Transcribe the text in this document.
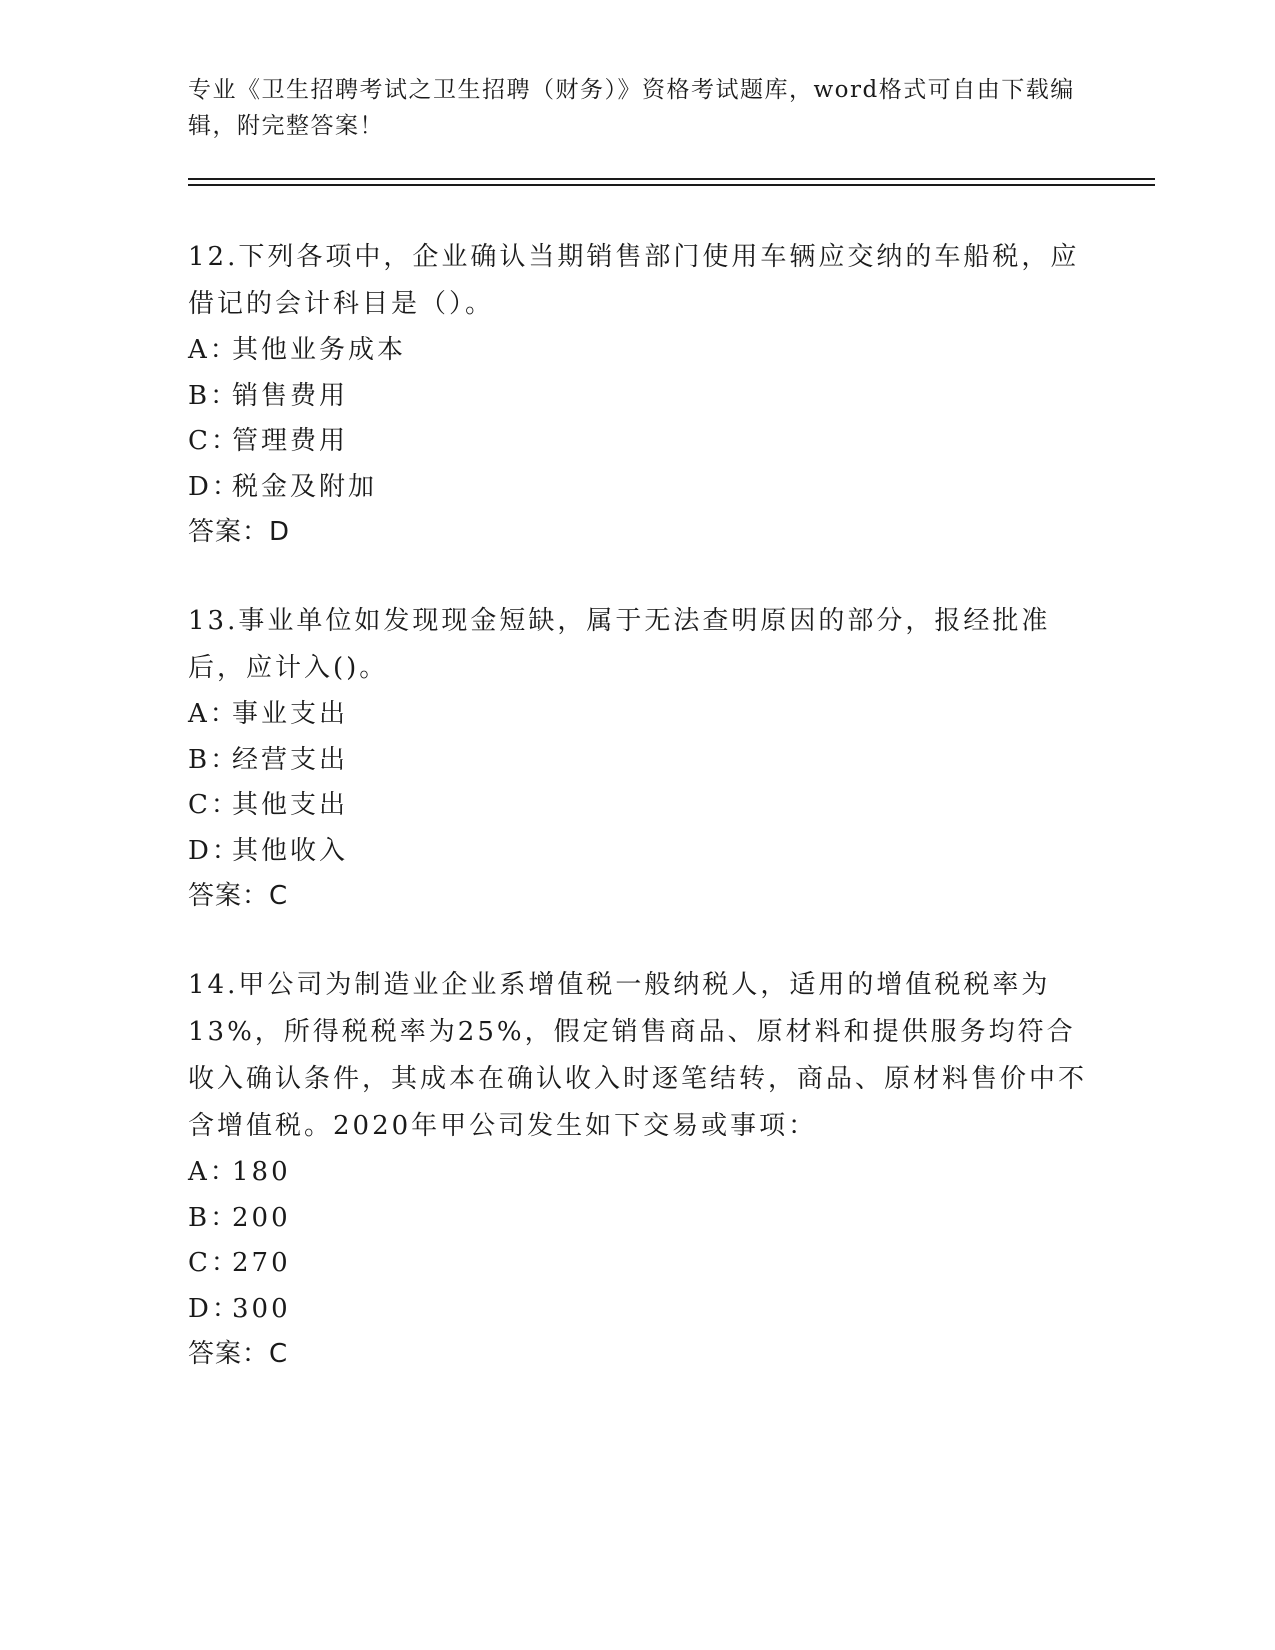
专业《卫生招聘考试之卫生招聘（财务）》资格考试题库，word格式可自由下载编辑，附完整答案！

12.下列各项中，企业确认当期销售部门使用车辆应交纳的车船税，应借记的会计科目是（）。

A：其他业务成本
B：销售费用
C：管理费用
D：税金及附加
答案：D

13.事业单位如发现现金短缺，属于无法查明原因的部分，报经批准后，应计入()。

A：事业支出
B：经营支出
C：其他支出
D：其他收入
答案：C

14.甲公司为制造业企业系增值税一般纳税人，适用的增值税税率为13%，所得税税率为25%，假定销售商品、原材料和提供服务均符合收入确认条件，其成本在确认收入时逐笔结转，商品、原材料售价中不含增值税。2020年甲公司发生如下交易或事项：

A：180
B：200
C：270
D：300
答案：C
